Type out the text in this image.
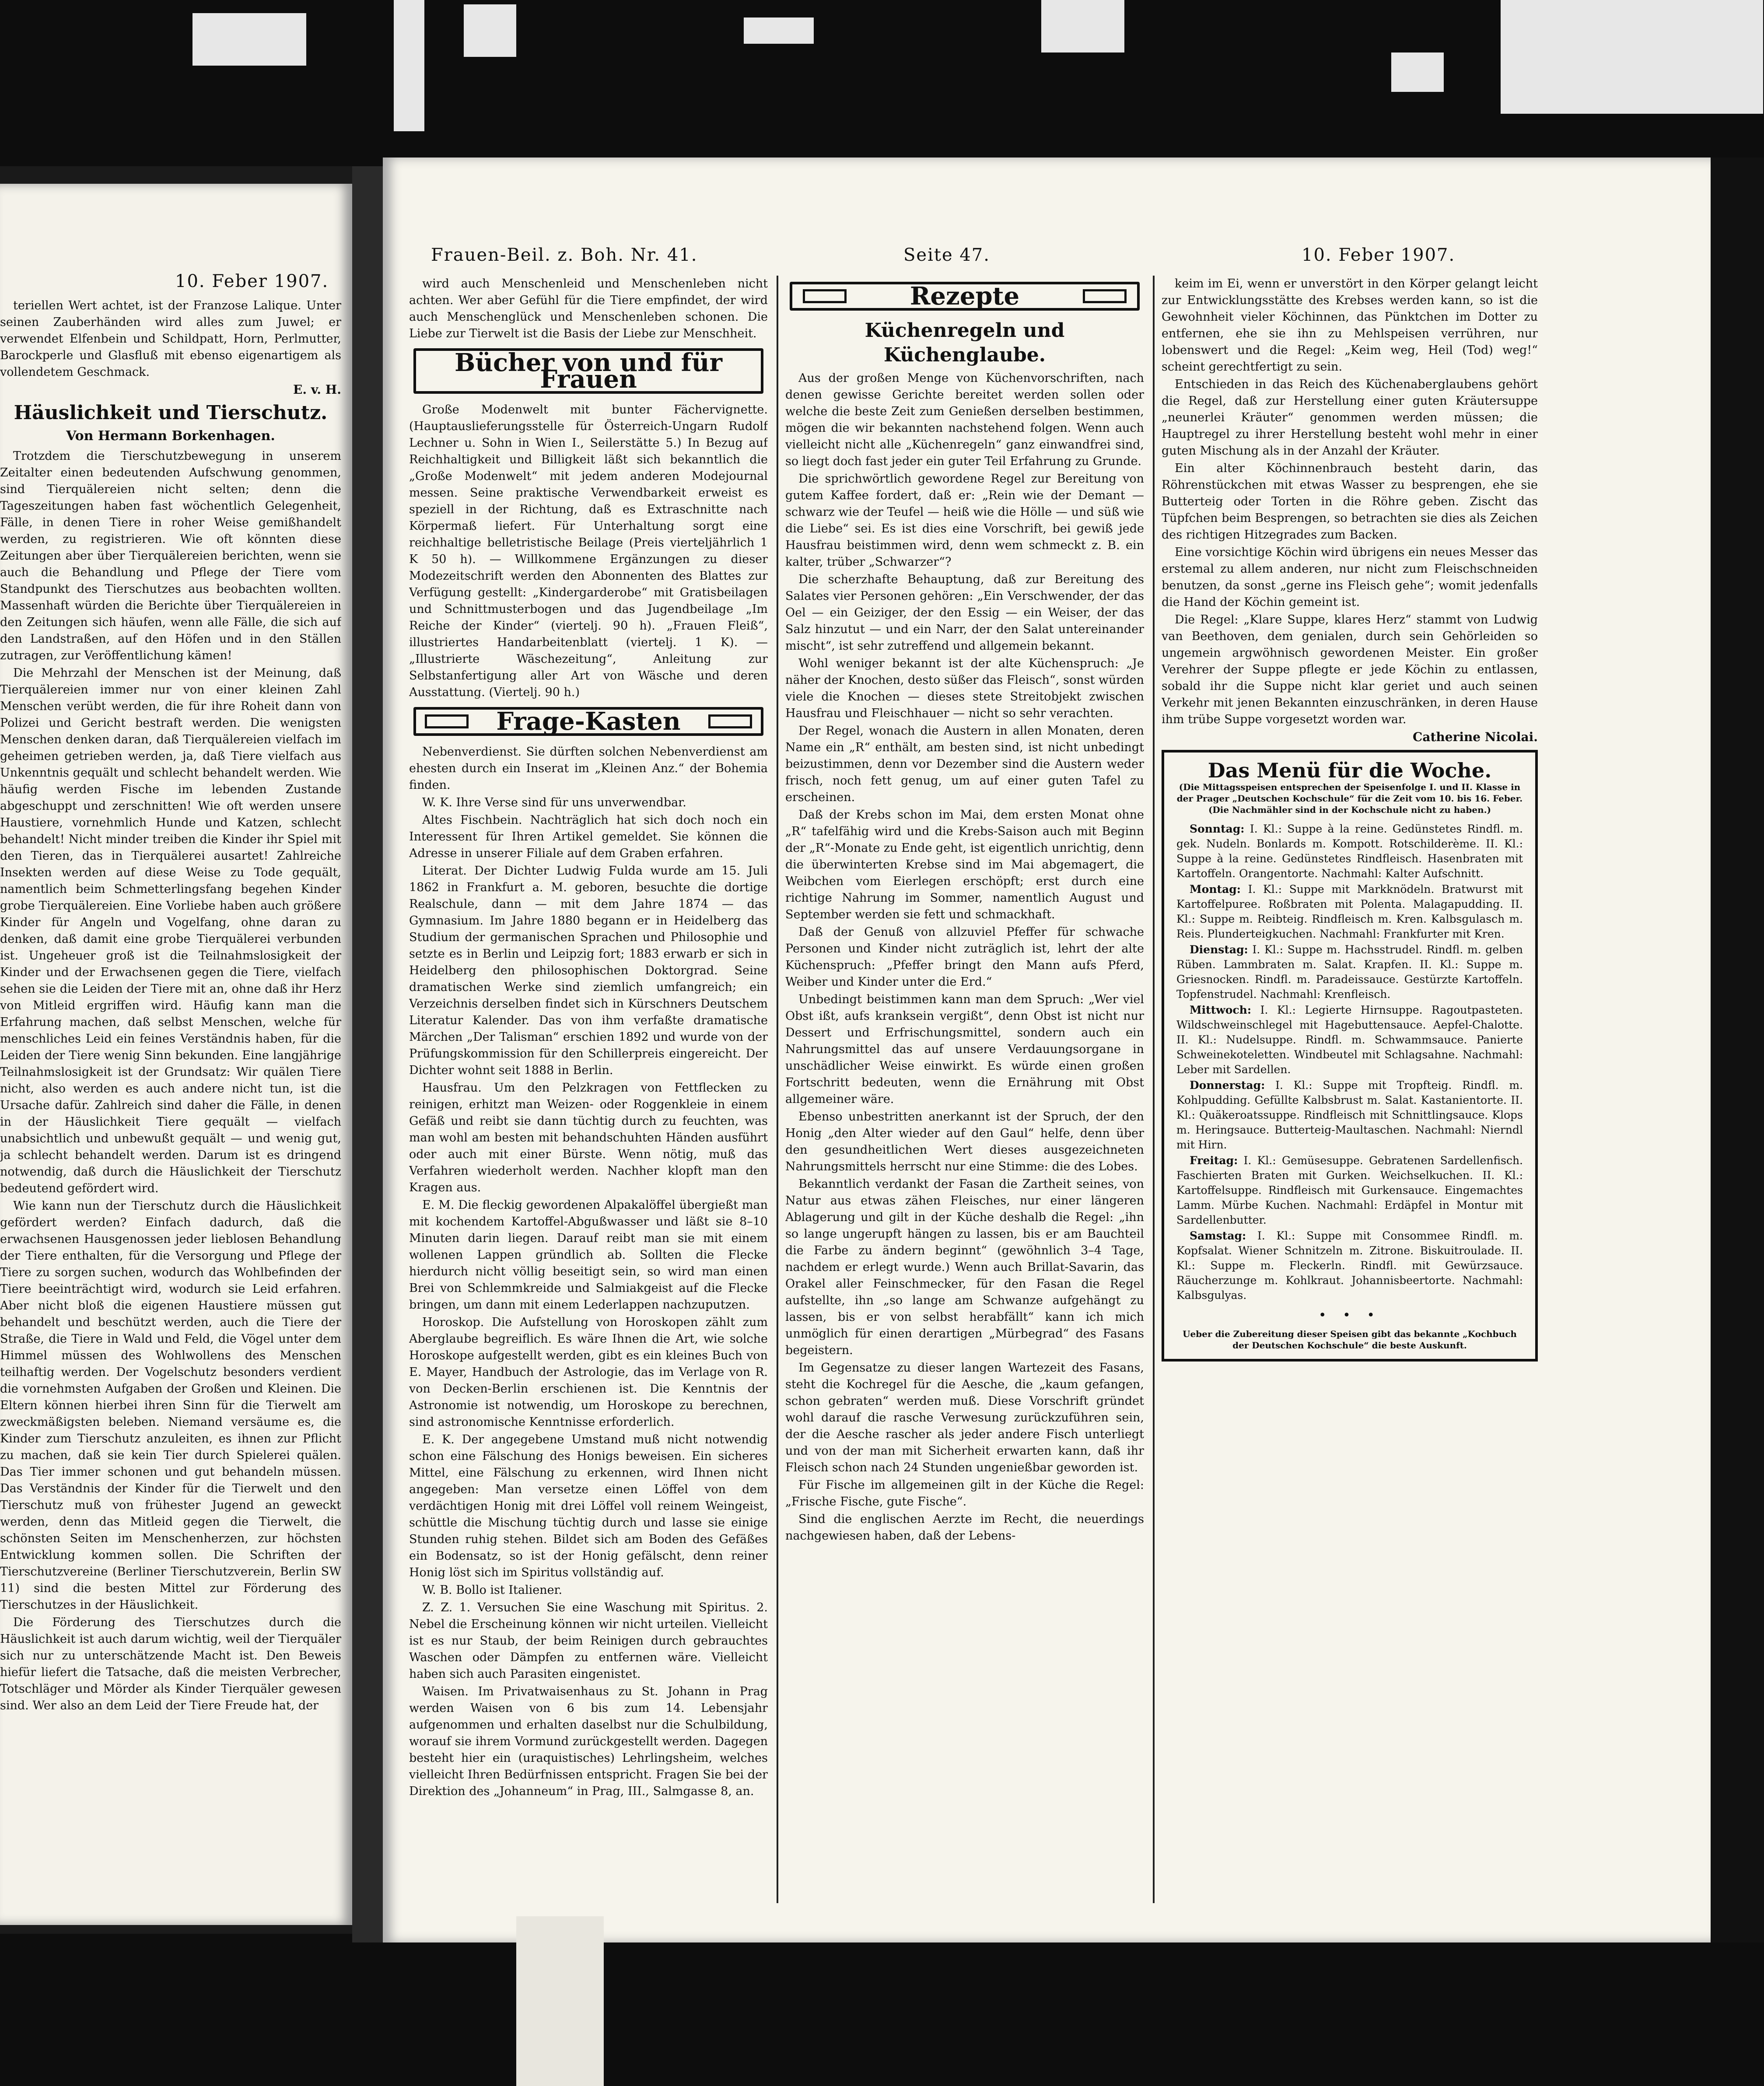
10. Feber 1907.

teriellen Wert achtet, ist der Franzose Lalique. Unter seinen Zauberhänden wird alles zum Juwel; er verwendet Elfenbein und Schildpatt, Horn, Perlmutter, Barockperle und Glasfluß mit ebenso eigenartigem als vollendetem Geschmack.

E. v. H.
Häuslichkeit und Tierschutz.
Von Hermann Borkenhagen.

Trotzdem die Tierschutzbewegung in unserem Zeitalter einen bedeutenden Aufschwung genommen, sind Tierquälereien nicht selten; denn die Tageszeitungen haben fast wöchentlich Gelegenheit, Fälle, in denen Tiere in roher Weise gemißhandelt werden, zu registrieren. Wie oft könnten diese Zeitungen aber über Tierquälereien berichten, wenn sie auch die Behandlung und Pflege der Tiere vom Standpunkt des Tierschutzes aus beobachten wollten. Massenhaft würden die Berichte über Tierquälereien in den Zeitungen sich häufen, wenn alle Fälle, die sich auf den Landstraßen, auf den Höfen und in den Ställen zutragen, zur Veröffentlichung kämen!

Die Mehrzahl der Menschen ist der Meinung, daß Tierquälereien immer nur von einer kleinen Zahl Menschen verübt werden, die für ihre Roheit dann von Polizei und Gericht bestraft werden. Die wenigsten Menschen denken daran, daß Tierquälereien vielfach im geheimen getrieben werden, ja, daß Tiere vielfach aus Unkenntnis gequält und schlecht behandelt werden. Wie häufig werden Fische im lebenden Zustande abgeschuppt und zerschnitten! Wie oft werden unsere Haustiere, vornehmlich Hunde und Katzen, schlecht behandelt! Nicht minder treiben die Kinder ihr Spiel mit den Tieren, das in Tierquälerei ausartet! Zahlreiche Insekten werden auf diese Weise zu Tode gequält, namentlich beim Schmetterlingsfang begehen Kinder grobe Tierquälereien. Eine Vorliebe haben auch größere Kinder für Angeln und Vogelfang, ohne daran zu denken, daß damit eine grobe Tierquälerei verbunden ist. Ungeheuer groß ist die Teilnahmslosigkeit der Kinder und der Erwachsenen gegen die Tiere, vielfach sehen sie die Leiden der Tiere mit an, ohne daß ihr Herz von Mitleid ergriffen wird. Häufig kann man die Erfahrung machen, daß selbst Menschen, welche für menschliches Leid ein feines Verständnis haben, für die Leiden der Tiere wenig Sinn bekunden. Eine langjährige Teilnahmslosigkeit ist der Grundsatz: Wir quälen Tiere nicht, also werden es auch andere nicht tun, ist die Ursache dafür. Zahlreich sind daher die Fälle, in denen in der Häuslichkeit Tiere gequält — vielfach unabsichtlich und unbewußt gequält — und wenig gut, ja schlecht behandelt werden. Darum ist es dringend notwendig, daß durch die Häuslichkeit der Tierschutz bedeutend gefördert wird.

Wie kann nun der Tierschutz durch die Häuslichkeit gefördert werden? Einfach dadurch, daß die erwachsenen Hausgenossen jeder lieblosen Behandlung der Tiere enthalten, für die Versorgung und Pflege der Tiere zu sorgen suchen, wodurch das Wohlbefinden der Tiere beeinträchtigt wird, wodurch sie Leid erfahren. Aber nicht bloß die eigenen Haustiere müssen gut behandelt und beschützt werden, auch die Tiere der Straße, die Tiere in Wald und Feld, die Vögel unter dem Himmel müssen des Wohlwollens des Menschen teilhaftig werden. Der Vogelschutz besonders verdient die vornehmsten Aufgaben der Großen und Kleinen. Die Eltern können hierbei ihren Sinn für die Tierwelt am zweckmäßigsten beleben. Niemand versäume es, die Kinder zum Tierschutz anzuleiten, es ihnen zur Pflicht zu machen, daß sie kein Tier durch Spielerei quälen. Das Tier immer schonen und gut behandeln müssen. Das Verständnis der Kinder für die Tierwelt und den Tierschutz muß von frühester Jugend an geweckt werden, denn das Mitleid gegen die Tierwelt, die schönsten Seiten im Menschenherzen, zur höchsten Entwicklung kommen sollen. Die Schriften der Tierschutzvereine (Berliner Tierschutzverein, Berlin SW 11) sind die besten Mittel zur Förderung des Tierschutzes in der Häuslichkeit.

Die Förderung des Tierschutzes durch die Häuslichkeit ist auch darum wichtig, weil der Tierquäler sich nur zu unterschätzende Macht ist. Den Beweis hiefür liefert die Tatsache, daß die meisten Verbrecher, Totschläger und Mörder als Kinder Tierquäler gewesen sind. Wer also an dem Leid der Tiere Freude hat, der

Frauen-Beil. z. Boh. Nr. 41.	Seite 47.	10. Feber 1907.

wird auch Menschenleid und Menschenleben nicht achten. Wer aber Gefühl für die Tiere empfindet, der wird auch Menschenglück und Menschenleben schonen. Die Liebe zur Tierwelt ist die Basis der Liebe zur Menschheit.

Bücher von und für Frauen

Große Modenwelt mit bunter Fächervignette. (Hauptauslieferungsstelle für Österreich-Ungarn Rudolf Lechner u. Sohn in Wien I., Seilerstätte 5.) In Bezug auf Reichhaltigkeit und Billigkeit läßt sich bekanntlich die „Große Modenwelt“ mit jedem anderen Modejournal messen. Seine praktische Verwendbarkeit erweist es speziell in der Richtung, daß es Extraschnitte nach Körpermaß liefert. Für Unterhaltung sorgt eine reichhaltige belletristische Beilage (Preis vierteljährlich 1 K 50 h). — Willkommene Ergänzungen zu dieser Modezeitschrift werden den Abonnenten des Blattes zur Verfügung gestellt: „Kindergarderobe“ mit Gratisbeilagen und Schnittmusterbogen und das Jugendbeilage „Im Reiche der Kinder“ (viertelj. 90 h). „Frauen Fleiß“, illustriertes Handarbeitenblatt (viertelj. 1 K). — „Illustrierte Wäschezeitung“, Anleitung zur Selbstanfertigung aller Art von Wäsche und deren Ausstattung. (Viertelj. 90 h.)

Frage-Kasten

Nebenverdienst. Sie dürften solchen Nebenverdienst am ehesten durch ein Inserat im „Kleinen Anz.“ der Bohemia finden.

W. K. Ihre Verse sind für uns unverwendbar.

Altes Fischbein. Nachträglich hat sich doch noch ein Interessent für Ihren Artikel gemeldet. Sie können die Adresse in unserer Filiale auf dem Graben erfahren.

Literat. Der Dichter Ludwig Fulda wurde am 15. Juli 1862 in Frankfurt a. M. geboren, besuchte die dortige Realschule, dann — mit dem Jahre 1874 — das Gymnasium. Im Jahre 1880 begann er in Heidelberg das Studium der germanischen Sprachen und Philosophie und setzte es in Berlin und Leipzig fort; 1883 erwarb er sich in Heidelberg den philosophischen Doktorgrad. Seine dramatischen Werke sind ziemlich umfangreich; ein Verzeichnis derselben findet sich in Kürschners Deutschem Literatur Kalender. Das von ihm verfaßte dramatische Märchen „Der Talisman“ erschien 1892 und wurde von der Prüfungskommission für den Schillerpreis eingereicht. Der Dichter wohnt seit 1888 in Berlin.

Hausfrau. Um den Pelzkragen von Fettflecken zu reinigen, erhitzt man Weizen- oder Roggenkleie in einem Gefäß und reibt sie dann tüchtig durch zu feuchten, was man wohl am besten mit behandschuhten Händen ausführt oder auch mit einer Bürste. Wenn nötig, muß das Verfahren wiederholt werden. Nachher klopft man den Kragen aus.

E. M. Die fleckig gewordenen Alpakalöffel übergießt man mit kochendem Kartoffel-Abgußwasser und läßt sie 8–10 Minuten darin liegen. Darauf reibt man sie mit einem wollenen Lappen gründlich ab. Sollten die Flecke hierdurch nicht völlig beseitigt sein, so wird man einen Brei von Schlemmkreide und Salmiakgeist auf die Flecke bringen, um dann mit einem Lederlappen nachzuputzen.

Horoskop. Die Aufstellung von Horoskopen zählt zum Aberglaube begreiflich. Es wäre Ihnen die Art, wie solche Horoskope aufgestellt werden, gibt es ein kleines Buch von E. Mayer, Handbuch der Astrologie, das im Verlage von R. von Decken-Berlin erschienen ist. Die Kenntnis der Astronomie ist notwendig, um Horoskope zu berechnen, sind astronomische Kenntnisse erforderlich.

E. K. Der angegebene Umstand muß nicht notwendig schon eine Fälschung des Honigs beweisen. Ein sicheres Mittel, eine Fälschung zu erkennen, wird Ihnen nicht angegeben: Man versetze einen Löffel von dem verdächtigen Honig mit drei Löffel voll reinem Weingeist, schüttle die Mischung tüchtig durch und lasse sie einige Stunden ruhig stehen. Bildet sich am Boden des Gefäßes ein Bodensatz, so ist der Honig gefälscht, denn reiner Honig löst sich im Spiritus vollständig auf.

W. B. Bollo ist Italiener.

Z. Z. 1. Versuchen Sie eine Waschung mit Spiritus. 2. Nebel die Erscheinung können wir nicht urteilen. Vielleicht ist es nur Staub, der beim Reinigen durch gebrauchtes Waschen oder Dämpfen zu entfernen wäre. Vielleicht haben sich auch Parasiten eingenistet.

Waisen. Im Privatwaisenhaus zu St. Johann in Prag werden Waisen von 6 bis zum 14. Lebensjahr aufgenommen und erhalten daselbst nur die Schulbildung, worauf sie ihrem Vormund zurückgestellt werden. Dagegen besteht hier ein (uraquistisches) Lehrlingsheim, welches vielleicht Ihren Bedürfnissen entspricht. Fragen Sie bei der Direktion des „Johanneum“ in Prag, III., Salmgasse 8, an.

Rezepte
Küchenregeln und Küchenglaube.

Aus der großen Menge von Küchenvorschriften, nach denen gewisse Gerichte bereitet werden sollen oder welche die beste Zeit zum Genießen derselben bestimmen, mögen die wir bekannten nachstehend folgen. Wenn auch vielleicht nicht alle „Küchenregeln“ ganz einwandfrei sind, so liegt doch fast jeder ein guter Teil Erfahrung zu Grunde.

Die sprichwörtlich gewordene Regel zur Bereitung von gutem Kaffee fordert, daß er: „Rein wie der Demant — schwarz wie der Teufel — heiß wie die Hölle — und süß wie die Liebe“ sei. Es ist dies eine Vorschrift, bei gewiß jede Hausfrau beistimmen wird, denn wem schmeckt z. B. ein kalter, trüber „Schwarzer“?

Die scherzhafte Behauptung, daß zur Bereitung des Salates vier Personen gehören: „Ein Verschwender, der das Oel — ein Geiziger, der den Essig — ein Weiser, der das Salz hinzutut — und ein Narr, der den Salat untereinander mischt“, ist sehr zutreffend und allgemein bekannt.

Wohl weniger bekannt ist der alte Küchenspruch: „Je näher der Knochen, desto süßer das Fleisch“, sonst würden viele die Knochen — dieses stete Streitobjekt zwischen Hausfrau und Fleischhauer — nicht so sehr verachten.

Der Regel, wonach die Austern in allen Monaten, deren Name ein „R“ enthält, am besten sind, ist nicht unbedingt beizustimmen, denn vor Dezember sind die Austern weder frisch, noch fett genug, um auf einer guten Tafel zu erscheinen.

Daß der Krebs schon im Mai, dem ersten Monat ohne „R“ tafelfähig wird und die Krebs-Saison auch mit Beginn der „R“-Monate zu Ende geht, ist eigentlich unrichtig, denn die überwinterten Krebse sind im Mai abgemagert, die Weibchen vom Eierlegen erschöpft; erst durch eine richtige Nahrung im Sommer, namentlich August und September werden sie fett und schmackhaft.

Daß der Genuß von allzuviel Pfeffer für schwache Personen und Kinder nicht zuträglich ist, lehrt der alte Küchenspruch: „Pfeffer bringt den Mann aufs Pferd, Weiber und Kinder unter die Erd.“

Unbedingt beistimmen kann man dem Spruch: „Wer viel Obst ißt, aufs kranksein vergißt“, denn Obst ist nicht nur Dessert und Erfrischungsmittel, sondern auch ein Nahrungsmittel das auf unsere Verdauungsorgane in unschädlicher Weise einwirkt. Es würde einen großen Fortschritt bedeuten, wenn die Ernährung mit Obst allgemeiner wäre.

Ebenso unbestritten anerkannt ist der Spruch, der den Honig „den Alter wieder auf den Gaul“ helfe, denn über den gesundheitlichen Wert dieses ausgezeichneten Nahrungsmittels herrscht nur eine Stimme: die des Lobes.

Bekanntlich verdankt der Fasan die Zartheit seines, von Natur aus etwas zähen Fleisches, nur einer längeren Ablagerung und gilt in der Küche deshalb die Regel: „ihn so lange ungerupft hängen zu lassen, bis er am Bauchteil die Farbe zu ändern beginnt“ (gewöhnlich 3–4 Tage, nachdem er erlegt wurde.) Wenn auch Brillat-Savarin, das Orakel aller Feinschmecker, für den Fasan die Regel aufstellte, ihn „so lange am Schwanze aufgehängt zu lassen, bis er von selbst herabfällt“ kann ich mich unmöglich für einen derartigen „Mürbegrad“ des Fasans begeistern.

Im Gegensatze zu dieser langen Wartezeit des Fasans, steht die Kochregel für die Aesche, die „kaum gefangen, schon gebraten“ werden muß. Diese Vorschrift gründet wohl darauf die rasche Verwesung zurückzuführen sein, der die Aesche rascher als jeder andere Fisch unterliegt und von der man mit Sicherheit erwarten kann, daß ihr Fleisch schon nach 24 Stunden ungenießbar geworden ist.

Für Fische im allgemeinen gilt in der Küche die Regel: „Frische Fische, gute Fische“.

Sind die englischen Aerzte im Recht, die neuerdings nachgewiesen haben, daß der Lebens-

keim im Ei, wenn er unverstört in den Körper gelangt leicht zur Entwicklungsstätte des Krebses werden kann, so ist die Gewohnheit vieler Köchinnen, das Pünktchen im Dotter zu entfernen, ehe sie ihn zu Mehlspeisen verrühren, nur lobenswert und die Regel: „Keim weg, Heil (Tod) weg!“ scheint gerechtfertigt zu sein.

Entschieden in das Reich des Küchenaberglaubens gehört die Regel, daß zur Herstellung einer guten Kräutersuppe „neunerlei Kräuter“ genommen werden müssen; die Hauptregel zu ihrer Herstellung besteht wohl mehr in einer guten Mischung als in der Anzahl der Kräuter.

Ein alter Köchinnenbrauch besteht darin, das Röhrenstückchen mit etwas Wasser zu besprengen, ehe sie Butterteig oder Torten in die Röhre geben. Zischt das Tüpfchen beim Besprengen, so betrachten sie dies als Zeichen des richtigen Hitzegrades zum Backen.

Eine vorsichtige Köchin wird übrigens ein neues Messer das erstemal zu allem anderen, nur nicht zum Fleischschneiden benutzen, da sonst „gerne ins Fleisch gehe“; womit jedenfalls die Hand der Köchin gemeint ist.

Die Regel: „Klare Suppe, klares Herz“ stammt von Ludwig van Beethoven, dem genialen, durch sein Gehörleiden so ungemein argwöhnisch gewordenen Meister. Ein großer Verehrer der Suppe pflegte er jede Köchin zu entlassen, sobald ihr die Suppe nicht klar geriet und auch seinen Verkehr mit jenen Bekannten einzuschränken, in deren Hause ihm trübe Suppe vorgesetzt worden war.

Catherine Nicolai.
Das Menü für die Woche.
(Die Mittagsspeisen entsprechen der Speisenfolge I. und II. Klasse in der Prager „Deutschen Kochschule“ für die Zeit vom 10. bis 16. Feber. (Die Nachmähler sind in der Kochschule nicht zu haben.)

Sonntag: I. Kl.: Suppe à la reine. Gedünstetes Rindfl. m. gek. Nudeln. Bonlards m. Kompott. Rotschilderème. II. Kl.: Suppe à la reine. Gedünstetes Rindfleisch. Hasenbraten mit Kartoffeln. Orangentorte. Nachmahl: Kalter Aufschnitt.

Montag: I. Kl.: Suppe mit Markknödeln. Bratwurst mit Kartoffelpuree. Roßbraten mit Polenta. Malagapudding. II. Kl.: Suppe m. Reibteig. Rindfleisch m. Kren. Kalbsgulasch m. Reis. Plunderteigkuchen. Nachmahl: Frankfurter mit Kren.

Dienstag: I. Kl.: Suppe m. Hachsstrudel. Rindfl. m. gelben Rüben. Lammbraten m. Salat. Krapfen. II. Kl.: Suppe m. Griesnocken. Rindfl. m. Paradeissauce. Gestürzte Kartoffeln. Topfenstrudel. Nachmahl: Krenfleisch.

Mittwoch: I. Kl.: Legierte Hirnsuppe. Ragoutpasteten. Wildschweinschlegel mit Hagebuttensauce. Aepfel-Chalotte. II. Kl.: Nudelsuppe. Rindfl. m. Schwammsauce. Panierte Schweinekoteletten. Windbeutel mit Schlagsahne. Nachmahl: Leber mit Sardellen.

Donnerstag: I. Kl.: Suppe mit Tropfteig. Rindfl. m. Kohlpudding. Gefüllte Kalbsbrust m. Salat. Kastanientorte. II. Kl.: Quäkeroatssuppe. Rindfleisch mit Schnittlingsauce. Klops m. Heringsauce. Butterteig-Maultaschen. Nachmahl: Nierndl mit Hirn.

Freitag: I. Kl.: Gemüsesuppe. Gebratenen Sardellenfisch. Faschierten Braten mit Gurken. Weichselkuchen. II. Kl.: Kartoffelsuppe. Rindfleisch mit Gurkensauce. Eingemachtes Lamm. Mürbe Kuchen. Nachmahl: Erdäpfel in Montur mit Sardellenbutter.

Samstag: I. Kl.: Suppe mit Consommee Rindfl. m. Kopfsalat. Wiener Schnitzeln m. Zitrone. Biskuitroulade. II. Kl.: Suppe m. Fleckerln. Rindfl. mit Gewürzsauce. Räucherzunge m. Kohlkraut. Johannisbeertorte. Nachmahl: Kalbsgulyas.

• • •
Ueber die Zubereitung dieser Speisen gibt das bekannte „Kochbuch der Deutschen Kochschule“ die beste Auskunft.
